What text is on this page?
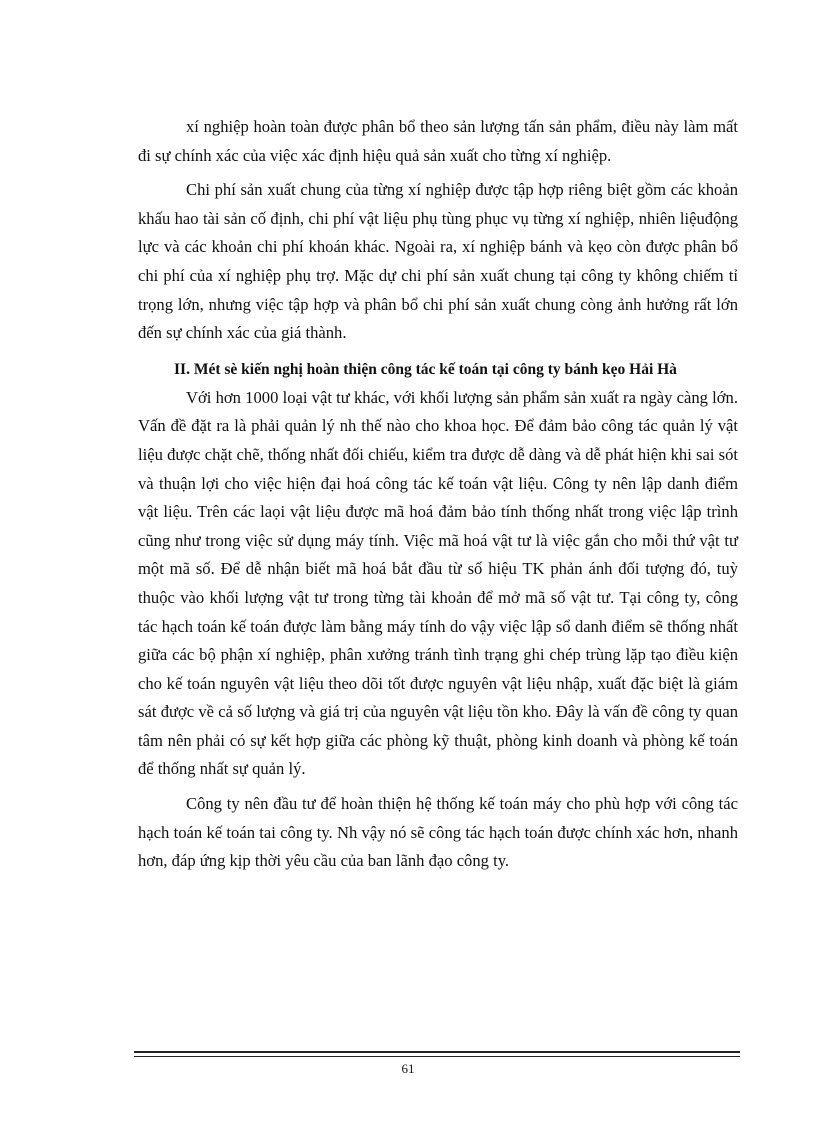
xí nghiệp hoàn toàn được phân bổ theo sản lượng tấn sản phẩm, điều này làm mất đi sự chính xác của việc xác định hiệu quả sản xuất cho từng xí nghiệp.

Chi phí sản xuất chung của từng xí nghiệp được tập hợp riêng biệt gồm các khoản khấu hao tài sản cố định, chi phí vật liệu phụ tùng phục vụ từng xí nghiệp, nhiên liệuđộng lực và các khoản chi phí khoán khác. Ngoài ra, xí nghiệp bánh và kẹo còn được phân bổ chi phí của xí nghiệp phụ trợ. Mặc dự chi phí sản xuất chung tại công ty không chiếm tỉ trọng lớn, nhưng việc tập hợp và phân bổ chi phí sản xuất chung còng ảnh hưởng rất lớn đến sự chính xác của giá thành.

II. Mét sè kiến nghị hoàn thiện công tác kế toán tại công ty bánh kẹo Hải Hà

Với hơn 1000 loại vật tư khác, với khối lượng sản phẩm sản xuất ra ngày càng lớn. Vấn đề đặt ra là phải quản lý nh thế nào cho khoa học. Để đảm bảo công tác quản lý vật liệu được chặt chẽ, thống nhất đối chiếu, kiểm tra được dễ dàng và dễ phát hiện khi sai sót và thuận lợi cho việc hiện đại hoá công tác kế toán vật liệu. Công ty nên lập danh điểm vật liệu. Trên các laọi vật liệu được mã hoá đảm bảo tính thống nhất trong việc lập trình cũng như trong việc sử dụng máy tính. Việc mã hoá vật tư là việc gắn cho mỗi thứ vật tư một mã số. Để dễ nhận biết mã hoá bắt đầu từ số hiệu TK phản ánh đối tượng đó, tuỳ thuộc vào khối lượng vật tư trong từng tài khoản để mở mã số vật tư. Tại công ty, công tác hạch toán kế toán được làm bằng máy tính do vậy việc lập sổ danh điểm sẽ thống nhất giữa các bộ phận xí nghiệp, phân xưởng tránh tình trạng ghi chép trùng lặp tạo điều kiện cho kế toán nguyên vật liệu theo dõi tốt được nguyên vật liệu nhập, xuất đặc biệt là giám sát được về cả số lượng và giá trị của nguyên vật liệu tồn kho. Đây là vấn đề công ty quan tâm nên phải có sự kết hợp giữa các phòng kỹ thuật, phòng kinh doanh và phòng kế toán để thống nhất sự quản lý.

Công ty nên đầu tư để hoàn thiện hệ thống kế toán máy cho phù hợp với công tác hạch toán kế toán tai công ty. Nh vậy nó sẽ công tác hạch toán được chính xác hơn, nhanh hơn, đáp ứng kịp thời yêu cầu của ban lãnh đạo công ty.

61
